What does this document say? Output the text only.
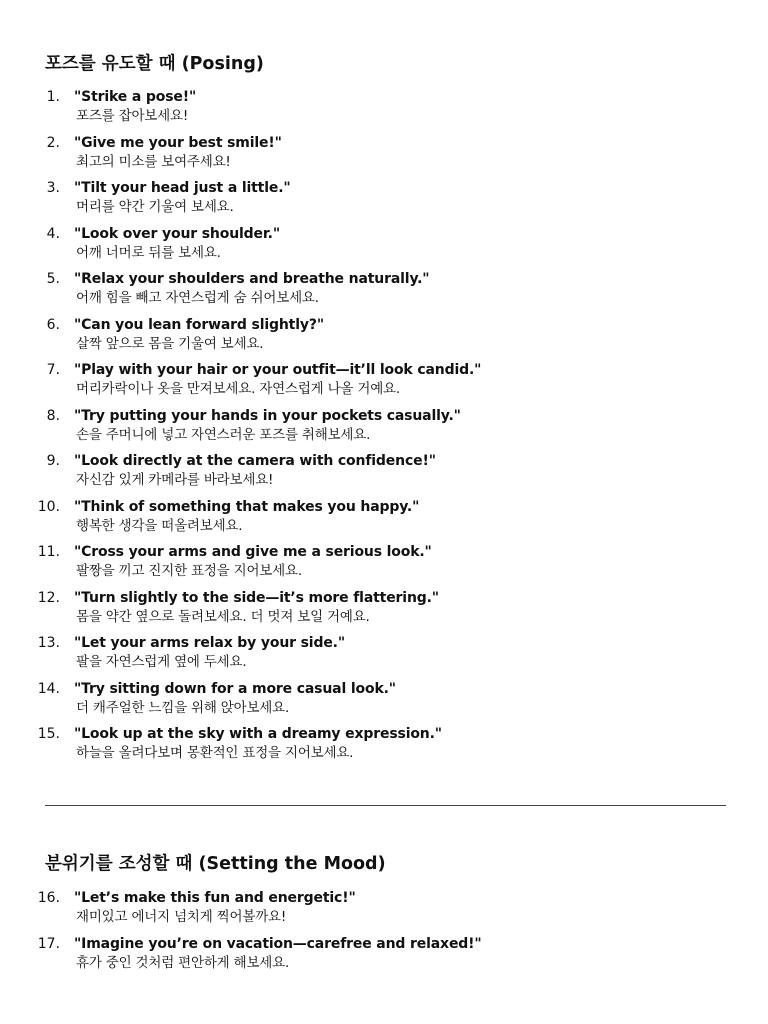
포즈를 유도할 때 (Posing)
1. "Strike a pose!"
포즈를 잡아보세요!
2. "Give me your best smile!"
최고의 미소를 보여주세요!
3. "Tilt your head just a little."
머리를 약간 기울여 보세요.
4. "Look over your shoulder."
어깨 너머로 뒤를 보세요.
5. "Relax your shoulders and breathe naturally."
어깨 힘을 빼고 자연스럽게 숨 쉬어보세요.
6. "Can you lean forward slightly?"
살짝 앞으로 몸을 기울여 보세요.
7. "Play with your hair or your outfit—it’ll look candid."
머리카락이나 옷을 만져보세요. 자연스럽게 나올 거예요.
8. "Try putting your hands in your pockets casually."
손을 주머니에 넣고 자연스러운 포즈를 취해보세요.
9. "Look directly at the camera with confidence!"
자신감 있게 카메라를 바라보세요!
10. "Think of something that makes you happy."
행복한 생각을 떠올려보세요.
11. "Cross your arms and give me a serious look."
팔짱을 끼고 진지한 표정을 지어보세요.
12. "Turn slightly to the side—it’s more flattering."
몸을 약간 옆으로 돌려보세요. 더 멋져 보일 거예요.
13. "Let your arms relax by your side."
팔을 자연스럽게 옆에 두세요.
14. "Try sitting down for a more casual look."
더 캐주얼한 느낌을 위해 앉아보세요.
15. "Look up at the sky with a dreamy expression."
하늘을 올려다보며 몽환적인 표정을 지어보세요.
분위기를 조성할 때 (Setting the Mood)
16. "Let’s make this fun and energetic!"
재미있고 에너지 넘치게 찍어볼까요!
17. "Imagine you’re on vacation—carefree and relaxed!"
휴가 중인 것처럼 편안하게 해보세요.
